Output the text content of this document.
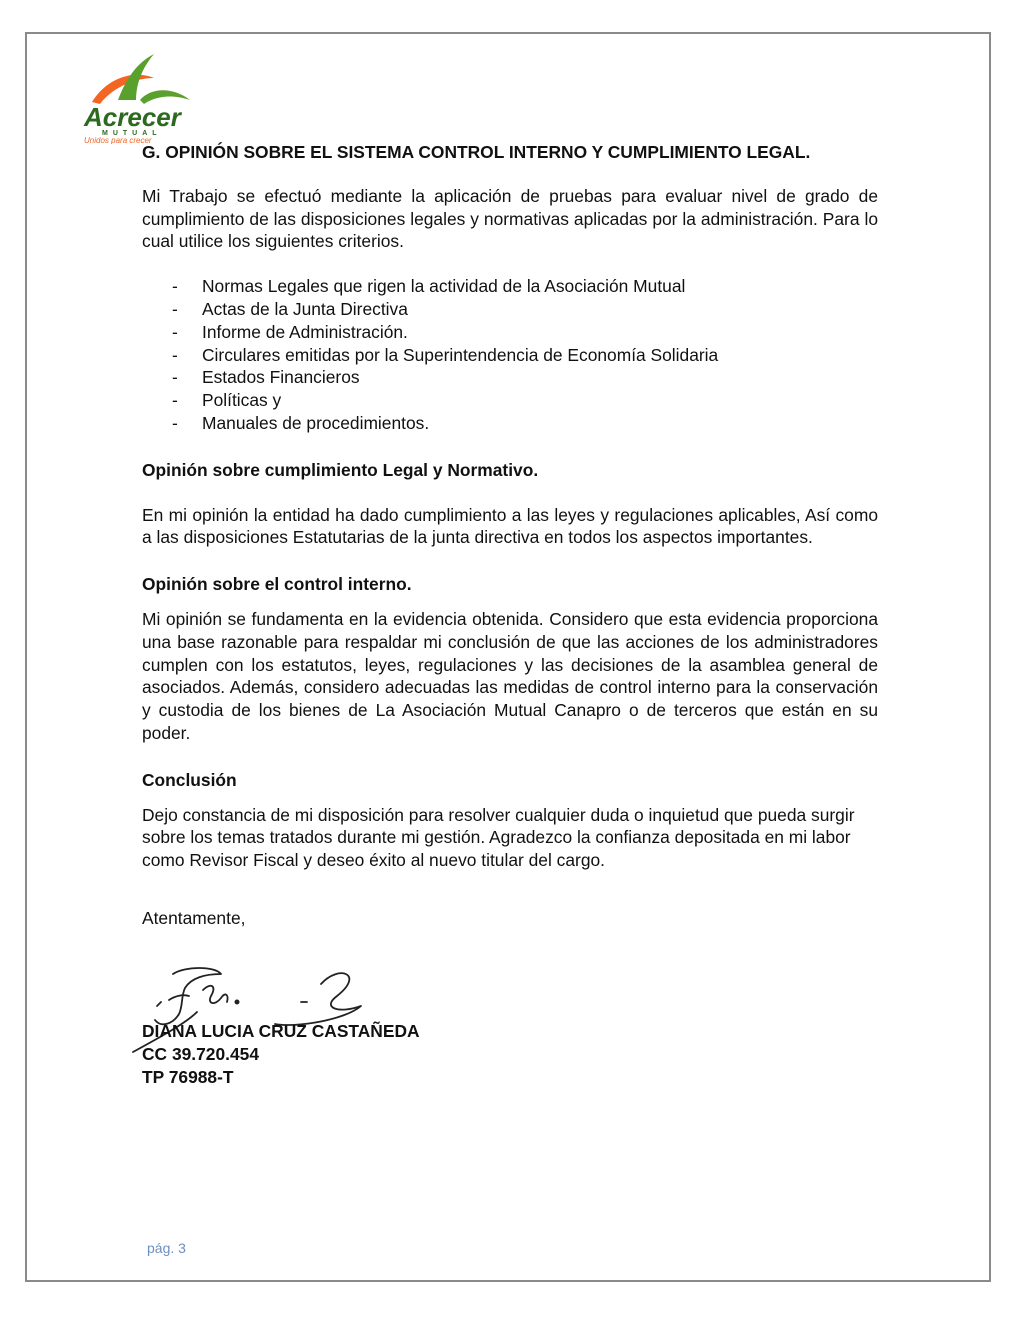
Acrecer
MUTUAL
Unidos para crecer

G. OPINIÓN SOBRE EL SISTEMA CONTROL INTERNO Y CUMPLIMIENTO LEGAL.

Mi Trabajo se efectuó mediante la aplicación de pruebas para evaluar nivel de grado de cumplimiento de las disposiciones legales y normativas aplicadas por la administración. Para lo cual utilice los siguientes criterios.

- Normas Legales que rigen la actividad de la Asociación Mutual
- Actas de la Junta Directiva
- Informe de Administración.
- Circulares emitidas por la Superintendencia de Economía Solidaria
- Estados Financieros
- Políticas y
- Manuales de procedimientos.

Opinión sobre cumplimiento Legal y Normativo.

En mi opinión la entidad ha dado cumplimiento a las leyes y regulaciones aplicables, Así como a las disposiciones Estatutarias de la junta directiva en todos los aspectos importantes.

Opinión sobre el control interno.

Mi opinión se fundamenta en la evidencia obtenida. Considero que esta evidencia proporciona una base razonable para respaldar mi conclusión de que las acciones de los administradores cumplen con los estatutos, leyes, regulaciones y las decisiones de la asamblea general de asociados. Además, considero adecuadas las medidas de control interno para la conservación y custodia de los bienes de La Asociación Mutual Canapro o de terceros que están en su poder.

Conclusión

Dejo constancia de mi disposición para resolver cualquier duda o inquietud que pueda surgir sobre los temas tratados durante mi gestión. Agradezco la confianza depositada en mi labor como Revisor Fiscal y deseo éxito al nuevo titular del cargo.

Atentamente,

DIANA LUCIA CRUZ CASTAÑEDA
CC 39.720.454
TP 76988-T
pág. 3
